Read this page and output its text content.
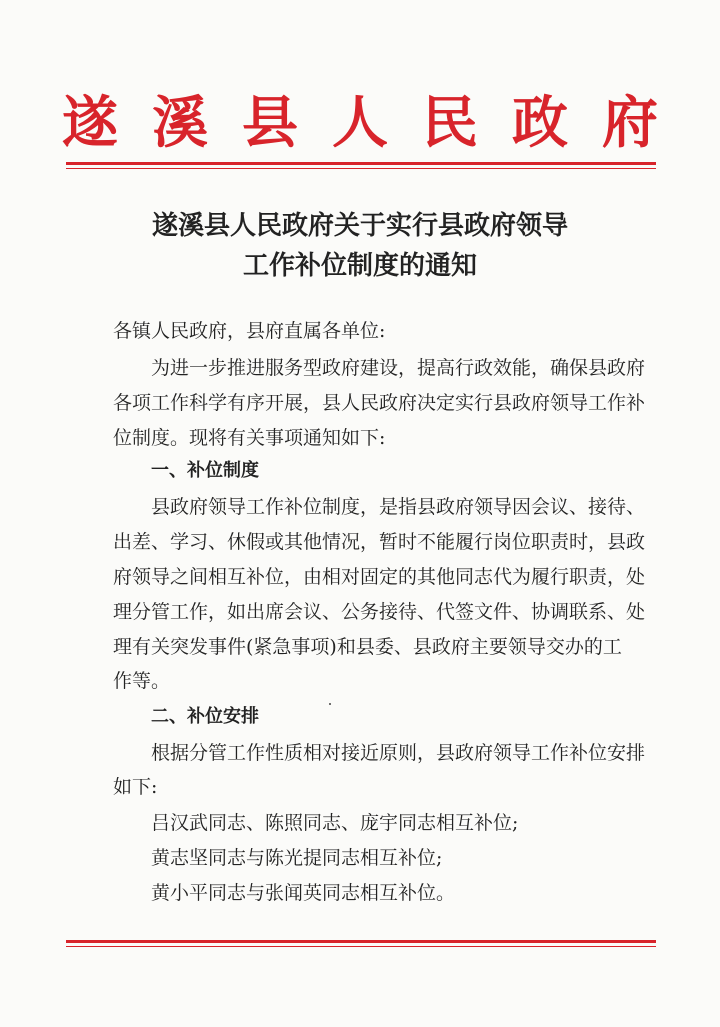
遂溪县人民政府
遂溪县人民政府关于实行县政府领导
工作补位制度的通知
各镇人民政府，县府直属各单位:
为进一步推进服务型政府建设，提高行政效能，确保县政府
各项工作科学有序开展，县人民政府决定实行县政府领导工作补
位制度。现将有关事项通知如下:
一、补位制度
县政府领导工作补位制度，是指县政府领导因会议、接待、
出差、学习、休假或其他情况，暂时不能履行岗位职责时，县政
府领导之间相互补位，由相对固定的其他同志代为履行职责，处
理分管工作，如出席会议、公务接待、代签文件、协调联系、处
理有关突发事件(紧急事项)和县委、县政府主要领导交办的工
作等。
二、补位安排
根据分管工作性质相对接近原则，县政府领导工作补位安排
如下:
吕汉武同志、陈照同志、庞宇同志相互补位;
黄志坚同志与陈光提同志相互补位;
黄小平同志与张闻英同志相互补位。
